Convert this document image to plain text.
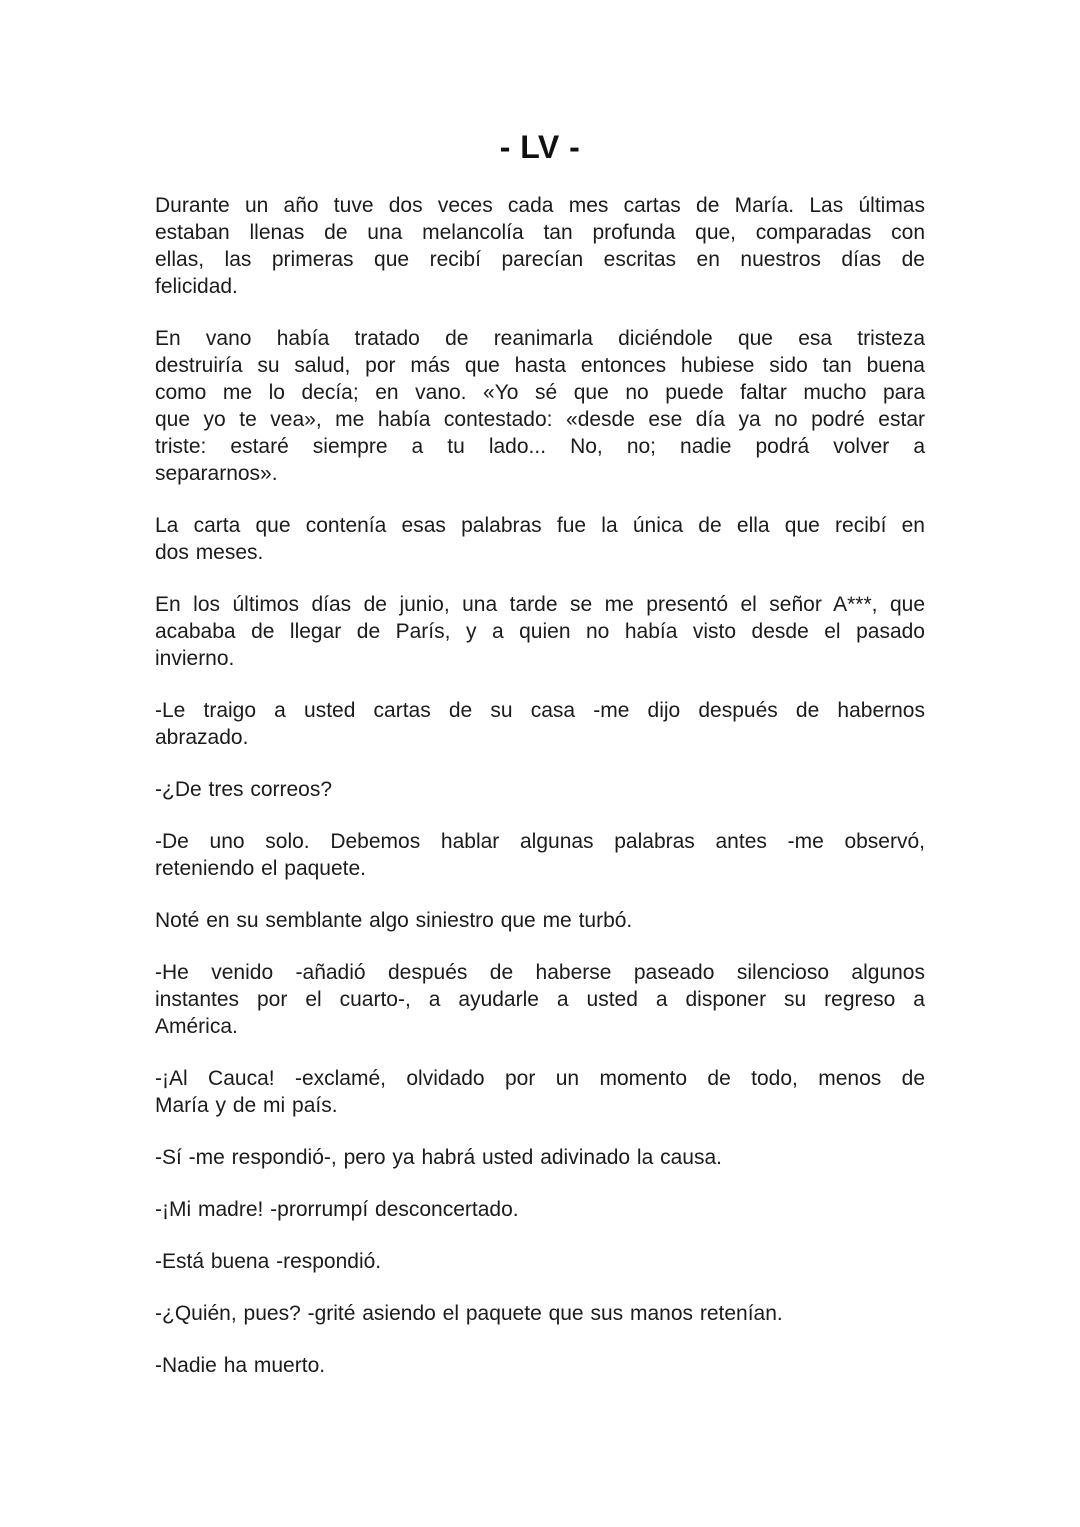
- LV -

Durante un año tuve dos veces cada mes cartas de María. Las últimas
estaban llenas de una melancolía tan profunda que, comparadas con
ellas, las primeras que recibí parecían escritas en nuestros días de
felicidad.

En vano había tratado de reanimarla diciéndole que esa tristeza
destruiría su salud, por más que hasta entonces hubiese sido tan buena
como me lo decía; en vano. «Yo sé que no puede faltar mucho para
que yo te vea», me había contestado: «desde ese día ya no podré estar
triste: estaré siempre a tu lado... No, no; nadie podrá volver a
separarnos».

La carta que contenía esas palabras fue la única de ella que recibí en
dos meses.

En los últimos días de junio, una tarde se me presentó el señor A***, que
acababa de llegar de París, y a quien no había visto desde el pasado
invierno.

-Le traigo a usted cartas de su casa -me dijo después de habernos
abrazado.

-¿De tres correos?

-De uno solo. Debemos hablar algunas palabras antes -me observó,
reteniendo el paquete.

Noté en su semblante algo siniestro que me turbó.

-He venido -añadió después de haberse paseado silencioso algunos
instantes por el cuarto-, a ayudarle a usted a disponer su regreso a
América.

-¡Al Cauca! -exclamé, olvidado por un momento de todo, menos de
María y de mi país.

-Sí -me respondió-, pero ya habrá usted adivinado la causa.

-¡Mi madre! -prorrumpí desconcertado.

-Está buena -respondió.

-¿Quién, pues? -grité asiendo el paquete que sus manos retenían.

-Nadie ha muerto.
